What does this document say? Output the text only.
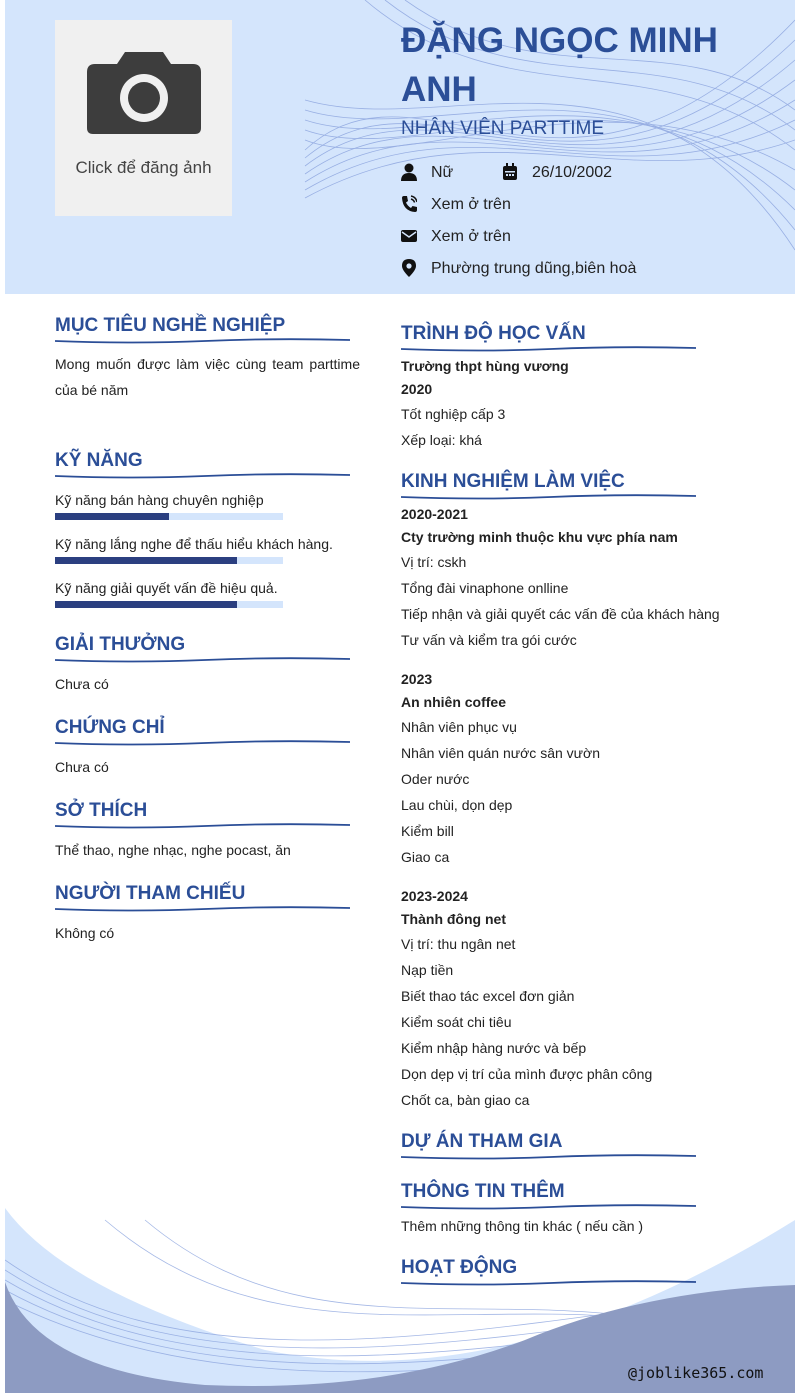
Click để đăng ảnh
ĐẶNG NGỌC MINH ANH
NHÂN VIÊN PARTTIME
Nữ	26/10/2002
Xem ở trên
Xem ở trên
Phường trung dũng,biên hoà
MỤC TIÊU NGHỀ NGHIỆP
Mong muốn được làm việc cùng team parttime của bé năm
KỸ NĂNG
Kỹ năng bán hàng chuyên nghiệp
Kỹ năng lắng nghe để thấu hiểu khách hàng.
Kỹ năng giải quyết vấn đề hiệu quả.
GIẢI THƯỞNG
Chưa có
CHỨNG CHỈ
Chưa có
SỞ THÍCH
Thể thao, nghe nhạc, nghe pocast, ăn
NGƯỜI THAM CHIẾU
Không có
TRÌNH ĐỘ HỌC VẤN
Trường thpt hùng vương
2020
Tốt nghiệp cấp 3
Xếp loại: khá
KINH NGHIỆM LÀM VIỆC
2020-2021
Cty trường minh thuộc khu vực phía nam
Vị trí: cskh
Tổng đài vinaphone onlline
Tiếp nhận và giải quyết các vấn đề của khách hàng
Tư vấn và kiểm tra gói cước
2023
An nhiên coffee
Nhân viên phục vụ
Nhân viên quán nước sân vườn
Oder nước
Lau chùi, dọn dẹp
Kiểm bill
Giao ca
2023-2024
Thành đông net
Vị trí: thu ngân net
Nạp tiền
Biết thao tác excel đơn giản
Kiểm soát chi tiêu
Kiểm nhập hàng nước và bếp
Dọn dẹp vị trí của mình được phân công
Chốt ca, bàn giao ca
DỰ ÁN THAM GIA
THÔNG TIN THÊM
Thêm những thông tin khác ( nếu cần )
HOẠT ĐỘNG
@joblike365.com
